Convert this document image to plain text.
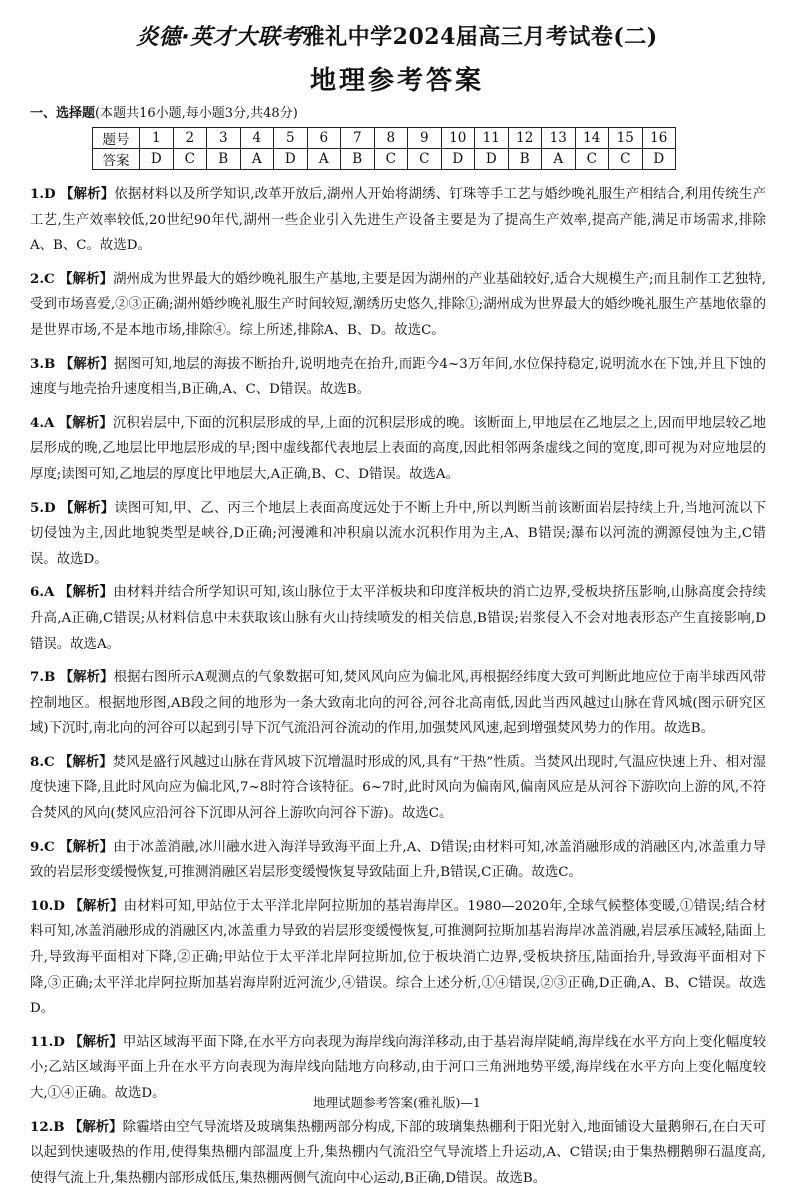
炎德·英才大联考雅礼中学2024届高三月考试卷(二)
地理参考答案
一、选择题(本题共16小题,每小题3分,共48分)
题号	1	2	3	4	5	6	7	8	9	10	11	12	13	14	15	16
答案	D	C	B	A	D	A	B	C	C	D	D	B	A	C	C	D
1.D 【解析】依据材料以及所学知识,改革开放后,湖州人开始将湖绣、钉珠等手工艺与婚纱晚礼服生产相结合,利用传统生产工艺,生产效率较低,20世纪90年代,湖州一些企业引入先进生产设备主要是为了提高生产效率,提高产能,满足市场需求,排除A、B、C。故选D。
2.C 【解析】湖州成为世界最大的婚纱晚礼服生产基地,主要是因为湖州的产业基础较好,适合大规模生产;而且制作工艺独特,受到市场喜爱,②③正确;湖州婚纱晚礼服生产时间较短,潮绣历史悠久,排除①;湖州成为世界最大的婚纱晚礼服生产基地依靠的是世界市场,不是本地市场,排除④。综上所述,排除A、B、D。故选C。
3.B 【解析】据图可知,地层的海拔不断抬升,说明地壳在抬升,而距今4~3万年间,水位保持稳定,说明流水在下蚀,并且下蚀的速度与地壳抬升速度相当,B正确,A、C、D错误。故选B。
4.A 【解析】沉积岩层中,下面的沉积层形成的早,上面的沉积层形成的晚。该断面上,甲地层在乙地层之上,因而甲地层较乙地层形成的晚,乙地层比甲地层形成的早;图中虚线都代表地层上表面的高度,因此相邻两条虚线之间的宽度,即可视为对应地层的厚度;读图可知,乙地层的厚度比甲地层大,A正确,B、C、D错误。故选A。
5.D 【解析】读图可知,甲、乙、丙三个地层上表面高度远处于不断上升中,所以判断当前该断面岩层持续上升,当地河流以下切侵蚀为主,因此地貌类型是峡谷,D正确;河漫滩和冲积扇以流水沉积作用为主,A、B错误;瀑布以河流的溯源侵蚀为主,C错误。故选D。
6.A 【解析】由材料并结合所学知识可知,该山脉位于太平洋板块和印度洋板块的消亡边界,受板块挤压影响,山脉高度会持续升高,A正确,C错误;从材料信息中未获取该山脉有火山持续喷发的相关信息,B错误;岩浆侵入不会对地表形态产生直接影响,D错误。故选A。
7.B 【解析】根据右图所示A观测点的气象数据可知,焚风风向应为偏北风,再根据经纬度大致可判断此地应位于南半球西风带控制地区。根据地形图,AB段之间的地形为一条大致南北向的河谷,河谷北高南低,因此当西风越过山脉在背风城(图示研究区域)下沉时,南北向的河谷可以起到引导下沉气流沿河谷流动的作用,加强焚风风速,起到增强焚风势力的作用。故选B。
8.C 【解析】焚风是盛行风越过山脉在背风坡下沉增温时形成的风,具有“干热”性质。当焚风出现时,气温应快速上升、相对湿度快速下降,且此时风向应为偏北风,7~8时符合该特征。6~7时,此时风向为偏南风,偏南风应是从河谷下游吹向上游的风,不符合焚风的风向(焚风应沿河谷下沉即从河谷上游吹向河谷下游)。故选C。
9.C 【解析】由于冰盖消融,冰川融水进入海洋导致海平面上升,A、D错误;由材料可知,冰盖消融形成的消融区内,冰盖重力导致的岩层形变缓慢恢复,可推测消融区岩层形变缓慢恢复导致陆面上升,B错误,C正确。故选C。
10.D 【解析】由材料可知,甲站位于太平洋北岸阿拉斯加的基岩海岸区。1980—2020年,全球气候整体变暖,①错误;结合材料可知,冰盖消融形成的消融区内,冰盖重力导致的岩层形变缓慢恢复,可推测阿拉斯加基岩海岸冰盖消融,岩层承压减轻,陆面上升,导致海平面相对下降,②正确;甲站位于太平洋北岸阿拉斯加,位于板块消亡边界,受板块挤压,陆面抬升,导致海平面相对下降,③正确;太平洋北岸阿拉斯加基岩海岸附近河流少,④错误。综合上述分析,①④错误,②③正确,D正确,A、B、C错误。故选D。
11.D 【解析】甲站区域海平面下降,在水平方向表现为海岸线向海洋移动,由于基岩海岸陡峭,海岸线在水平方向上变化幅度较小;乙站区域海平面上升在水平方向表现为海岸线向陆地方向移动,由于河口三角洲地势平缓,海岸线在水平方向上变化幅度较大,①④正确。故选D。
12.B 【解析】除霾塔由空气导流塔及玻璃集热棚两部分构成,下部的玻璃集热棚利于阳光射入,地面铺设大量鹅卵石,在白天可以起到快速吸热的作用,使得集热棚内部温度上升,集热棚内气流沿空气导流塔上升运动,A、C错误;由于集热棚鹅卵石温度高,使得气流上升,集热棚内部形成低压,集热棚两侧气流向中心运动,B正确,D错误。故选B。
地理试题参考答案(雅礼版)—1
